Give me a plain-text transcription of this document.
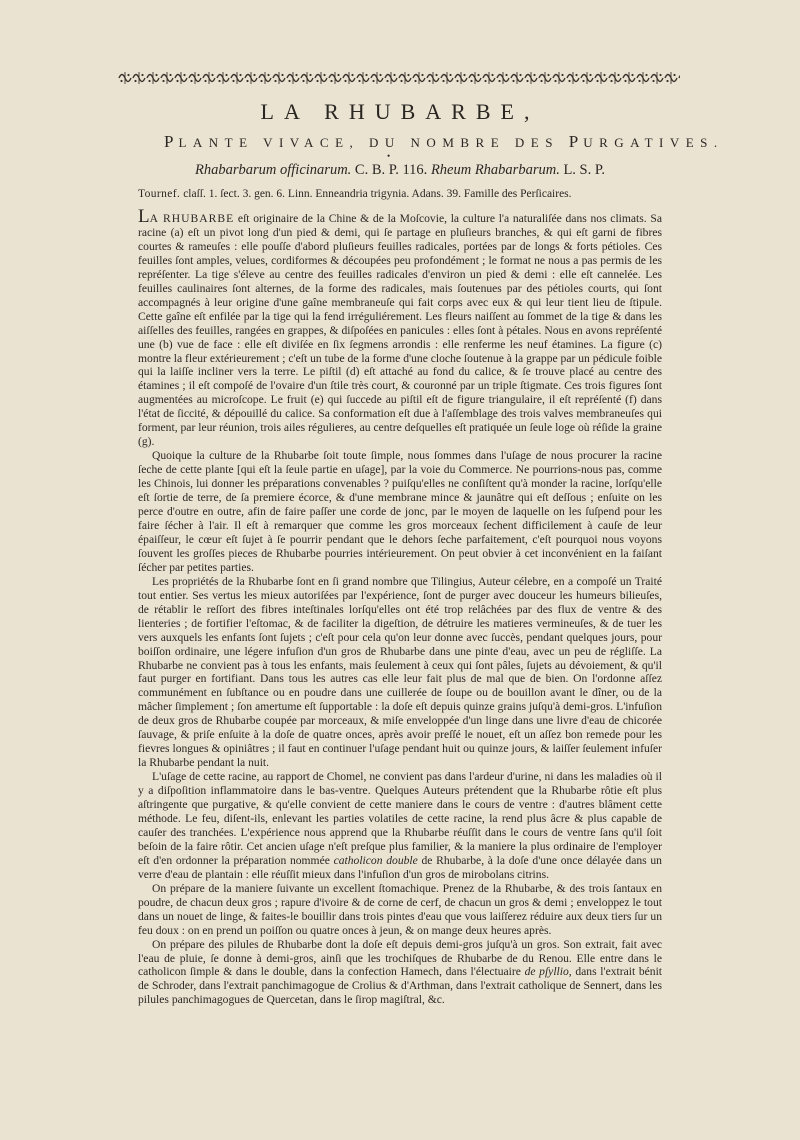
LA RHUBARBE,
PLANTE VIVACE, DU NOMBRE DES PURGATIVES.
•
Rhabarbarum officinarum. C. B. P. 116. Rheum Rhabarbarum. L. S. P.
Tournef. claſſ. 1. ſect. 3. gen. 6. Linn. Enneandria trigynia. Adans. 39. Famille des Perſicaires.

LA RHUBARBE eſt originaire de la Chine & de la Moſcovie, la culture l'a naturaliſée dans nos climats. Sa racine (a) eſt un pivot long d'un pied & demi, qui ſe partage en pluſieurs branches, & qui eſt garni de fibres courtes & rameuſes : elle pouſſe d'abord pluſieurs feuilles radicales, portées par de longs & forts pétioles. Ces feuilles ſont amples, velues, cordiformes & découpées peu profondément ; le format ne nous a pas permis de les repréſenter. La tige s'éleve au centre des feuilles radicales d'environ un pied & demi : elle eſt cannelée. Les feuilles caulinaires ſont alternes, de la forme des radicales, mais ſoutenues par des pétioles courts, qui ſont accompagnés à leur origine d'une gaîne membraneuſe qui fait corps avec eux & qui leur tient lieu de ſtipule. Cette gaîne eſt enfilée par la tige qui la fend irréguliérement. Les fleurs naiſſent au ſommet de la tige & dans les aiſſelles des feuilles, rangées en grappes, & diſpoſées en panicules : elles ſont à pétales. Nous en avons repréſenté une (b) vue de face : elle eſt diviſée en ſix ſegmens arrondis : elle renferme les neuf étamines. La figure (c) montre la fleur extérieurement ; c'eſt un tube de la forme d'une cloche ſoutenue à la grappe par un pédicule foible qui la laiſſe incliner vers la terre. Le piſtil (d) eſt attaché au fond du calice, & ſe trouve placé au centre des étamines ; il eſt compoſé de l'ovaire d'un ſtile très court, & couronné par un triple ſtigmate. Ces trois figures ſont augmentées au microſcope. Le fruit (e) qui ſuccede au piſtil eſt de figure triangulaire, il eſt repréſenté (f) dans l'état de ſiccité, & dépouillé du calice. Sa conformation eſt due à l'aſſemblage des trois valves membraneuſes qui forment, par leur réunion, trois ailes régulieres, au centre deſquelles eſt pratiquée un ſeule loge où réſide la graine (g).

Quoique la culture de la Rhubarbe ſoit toute ſimple, nous ſommes dans l'uſage de nous procurer la racine ſeche de cette plante [qui eſt la ſeule partie en uſage], par la voie du Commerce. Ne pourrions-nous pas, comme les Chinois, lui donner les préparations convenables ? puiſqu'elles ne conſiſtent qu'à monder la racine, lorſqu'elle eſt ſortie de terre, de ſa premiere écorce, & d'une membrane mince & jaunâtre qui eſt deſſous ; enſuite on les perce d'outre en outre, afin de faire paſſer une corde de jonc, par le moyen de laquelle on les ſuſpend pour les faire ſécher à l'air. Il eſt à remarquer que comme les gros morceaux ſechent difficilement à cauſe de leur épaiſſeur, le cœur eſt ſujet à ſe pourrir pendant que le dehors ſeche parfaitement, c'eſt pourquoi nous voyons ſouvent les groſſes pieces de Rhubarbe pourries intérieurement. On peut obvier à cet inconvénient en la faiſant ſécher par petites parties.

Les propriétés de la Rhubarbe ſont en ſi grand nombre que Tilingius, Auteur célebre, en a compoſé un Traité tout entier. Ses vertus les mieux autoriſées par l'expérience, ſont de purger avec douceur les humeurs bilieuſes, de rétablir le reſſort des fibres inteſtinales lorſqu'elles ont été trop relâchées par des flux de ventre & des lienteries ; de fortifier l'eſtomac, & de faciliter la digeſtion, de détruire les matieres vermineuſes, & de tuer les vers auxquels les enfants ſont ſujets ; c'eſt pour cela qu'on leur donne avec ſuccès, pendant quelques jours, pour boiſſon ordinaire, une légere infuſion d'un gros de Rhubarbe dans une pinte d'eau, avec un peu de régliſſe. La Rhubarbe ne convient pas à tous les enfants, mais ſeulement à ceux qui ſont pâles, ſujets au dévoiement, & qu'il faut purger en fortifiant. Dans tous les autres cas elle leur fait plus de mal que de bien. On l'ordonne aſſez communément en ſubſtance ou en poudre dans une cuillerée de ſoupe ou de bouillon avant le dîner, ou de la mâcher ſimplement ; ſon amertume eſt ſupportable : la doſe eſt depuis quinze grains juſqu'à demi-gros. L'infuſion de deux gros de Rhubarbe coupée par morceaux, & miſe enveloppée d'un linge dans une livre d'eau de chicorée ſauvage, & priſe enſuite à la doſe de quatre onces, après avoir preſſé le nouet, eſt un aſſez bon remede pour les fievres longues & opiniâtres ; il faut en continuer l'uſage pendant huit ou quinze jours, & laiſſer ſeulement infuſer la Rhubarbe pendant la nuit.

L'uſage de cette racine, au rapport de Chomel, ne convient pas dans l'ardeur d'urine, ni dans les maladies où il y a diſpoſition inflammatoire dans le bas-ventre. Quelques Auteurs prétendent que la Rhubarbe rôtie eſt plus aſtringente que purgative, & qu'elle convient de cette maniere dans le cours de ventre : d'autres blâment cette méthode. Le feu, diſent-ils, enlevant les parties volatiles de cette racine, la rend plus âcre & plus capable de cauſer des tranchées. L'expérience nous apprend que la Rhubarbe réuſſit dans le cours de ventre ſans qu'il ſoit beſoin de la faire rôtir. Cet ancien uſage n'eſt preſque plus familier, & la maniere la plus ordinaire de l'employer eſt d'en ordonner la préparation nommée catholicon double de Rhubarbe, à la doſe d'une once délayée dans un verre d'eau de plantain : elle réuſſit mieux dans l'infuſion d'un gros de mirobolans citrins.

On prépare de la maniere ſuivante un excellent ſtomachique. Prenez de la Rhubarbe, & des trois ſantaux en poudre, de chacun deux gros ; rapure d'ivoire & de corne de cerf, de chacun un gros & demi ; enveloppez le tout dans un nouet de linge, & faites-le bouillir dans trois pintes d'eau que vous laiſſerez réduire aux deux tiers ſur un feu doux : on en prend un poiſſon ou quatre onces à jeun, & on mange deux heures après.

On prépare des pilules de Rhubarbe dont la doſe eſt depuis demi-gros juſqu'à un gros. Son extrait, fait avec l'eau de pluie, ſe donne à demi-gros, ainſi que les trochiſques de Rhubarbe de du Renou. Elle entre dans le catholicon ſimple & dans le double, dans la confection Hamech, dans l'électuaire de pſyllio, dans l'extrait bénit de Schroder, dans l'extrait panchimagogue de Crolius & d'Arthman, dans l'extrait catholique de Sennert, dans les pilules panchimagogues de Quercetan, dans le ſirop magiſtral, &c.
